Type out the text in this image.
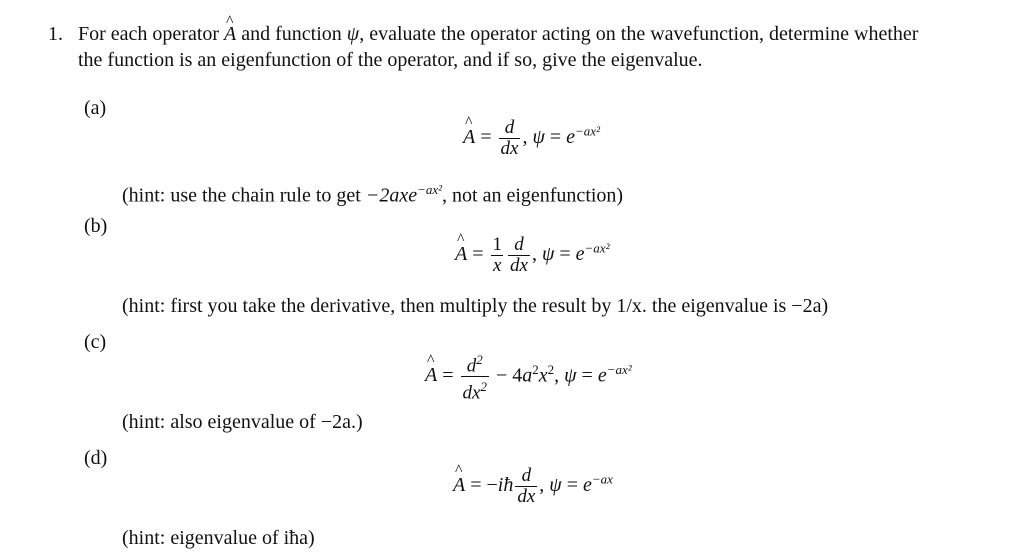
1. For each operator ^ A and function ψ, evaluate the operator acting on the wavefunction, determine whether
the function is an eigenfunction of the operator, and if so, give the eigenvalue.
(a)
^ $A = \frac{d}{dx}$ , $\psi = e^{-ax^2}$
(hint: use the chain rule to get −2axe$^{-ax^2}$, not an eigenfunction)
(b)
^ $A = \frac{1}{x} \frac{d}{dx}$ , $\psi = e^{-ax^2}$
(hint: first you take the derivative, then multiply the result by 1/x. the eigenvalue is −2a)
(c)
^ $A = \frac{d^2}{dx^2} - 4a^2x^2$, $\psi = e^{-ax^2}$
(hint: also eigenvalue of −2a.)
(d)
^ A = −iħ $\frac{d}{dx}$ , $\psi = e^{-ax}$
(hint: eigenvalue of iħa)
